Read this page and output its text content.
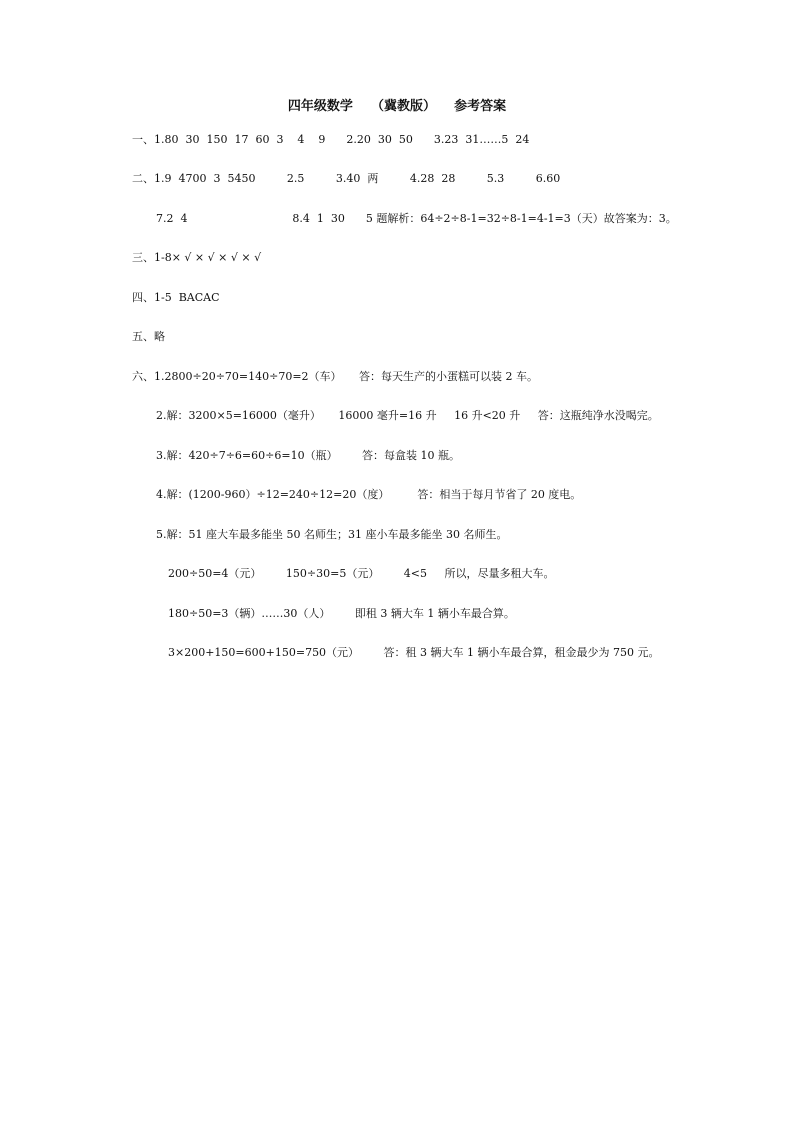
四年级数学    （冀教版）    参考答案
一、1.80  30  150  17  60  3    4    9      2.20  30  50      3.23  31……5  24
二、1.9  4700  3  5450         2.5         3.40  两         4.28  28         5.3         6.60
7.2  4                              8.4  1  30      5 题解析：64÷2÷8-1=32÷8-1=4-1=3（天）故答案为：3。
三、1-8× √ × √ × √ × √
四、1-5  BACAC
五、略
六、1.2800÷20÷70=140÷70=2（车）     答：每天生产的小蛋糕可以装 2 车。
2.解：3200×5=16000（毫升）     16000 毫升=16 升     16 升<20 升     答：这瓶纯净水没喝完。
3.解：420÷7÷6=60÷6=10（瓶）       答：每盒装 10 瓶。
4.解：(1200-960）÷12=240÷12=20（度）        答：相当于每月节省了 20 度电。
5.解：51 座大车最多能坐 50 名师生；31 座小车最多能坐 30 名师生。
200÷50=4（元）       150÷30=5（元）       4<5     所以，尽量多租大车。
180÷50=3（辆）……30（人）       即租 3 辆大车 1 辆小车最合算。
3×200+150=600+150=750（元）       答：租 3 辆大车 1 辆小车最合算，租金最少为 750 元。
